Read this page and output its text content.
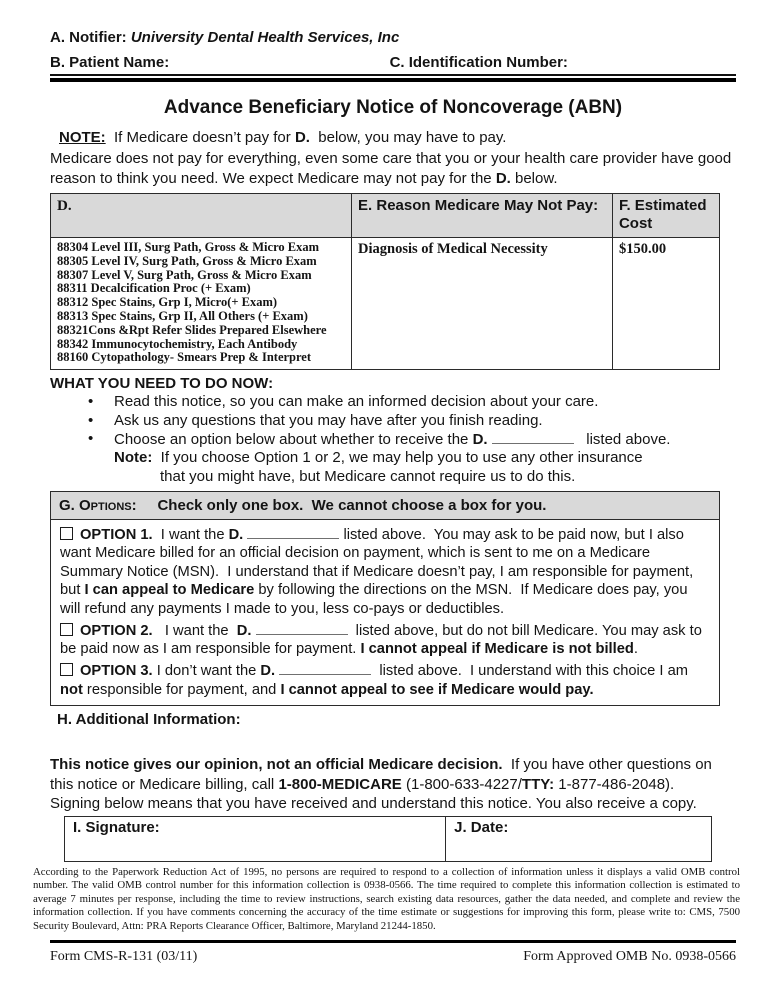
A. Notifier: University Dental Health Services, Inc

B. Patient Name:	C. Identification Number:

Advance Beneficiary Notice of Noncoverage (ABN)

NOTE:  If Medicare doesn’t pay for D.  below, you may have to pay.

Medicare does not pay for everything, even some care that you or your health care provider have good reason to think you need. We expect Medicare may not pay for the D. below.

D.	E. Reason Medicare May Not Pay:	F. Estimated Cost

88304 Level III, Surg Path, Gross & Micro Exam
88305 Level IV, Surg Path, Gross & Micro Exam
88307 Level V, Surg Path, Gross & Micro Exam
88311 Decalcification Proc (+ Exam)
88312 Spec Stains, Grp I, Micro(+ Exam)
88313 Spec Stains, Grp II, All Others (+ Exam)
88321Cons &Rpt Refer Slides Prepared Elsewhere
88342 Immunocytochemistry, Each Antibody
88160 Cytopathology- Smears Prep & Interpret
	Diagnosis of Medical Necessity	$150.00

WHAT YOU NEED TO DO NOW:

•	Read this notice, so you can make an informed decision about your care.
•	Ask us any questions that you may have after you finish reading.
•	Choose an option below about whether to receive the D.	listed above.

Note:  If you choose Option 1 or 2, we may help you to use any other insurance

that you might have, but Medicare cannot require us to do this.

G. Options:     Check only one box.  We cannot choose a box for you.

OPTION 1.  I want the D.	listed above.  You may ask to be paid now, but I also want Medicare billed for an official decision on payment, which is sent to me on a Medicare Summary Notice (MSN).  I understand that if Medicare doesn’t pay, I am responsible for payment, but I can appeal to Medicare by following the directions on the MSN.  If Medicare does pay, you will refund any payments I made to you, less co-pays or deductibles.

OPTION 2.   I want the  D.	listed above, but do not bill Medicare. You may ask to be paid now as I am responsible for payment. I cannot appeal if Medicare is not billed.

OPTION 3. I don’t want the D.	listed above.  I understand with this choice I am not responsible for payment, and I cannot appeal to see if Medicare would pay.

H. Additional Information:

This notice gives our opinion, not an official Medicare decision.  If you have other questions on this notice or Medicare billing, call 1-800-MEDICARE (1-800-633-4227/TTY: 1-877-486-2048).

Signing below means that you have received and understand this notice. You also receive a copy.

I. Signature:	J. Date:

According to the Paperwork Reduction Act of 1995, no persons are required to respond to a collection of information unless it displays a valid OMB control number. The valid OMB control number for this information collection is 0938-0566. The time required to complete this information collection is estimated to average 7 minutes per response, including the time to review instructions, search existing data resources, gather the data needed, and complete and review the information collection. If you have comments concerning the accuracy of the time estimate or suggestions for improving this form, please write to: CMS, 7500 Security Boulevard, Attn: PRA Reports Clearance Officer, Baltimore, Maryland 21244-1850.

Form CMS-R-131 (03/11)	Form Approved OMB No. 0938-0566
